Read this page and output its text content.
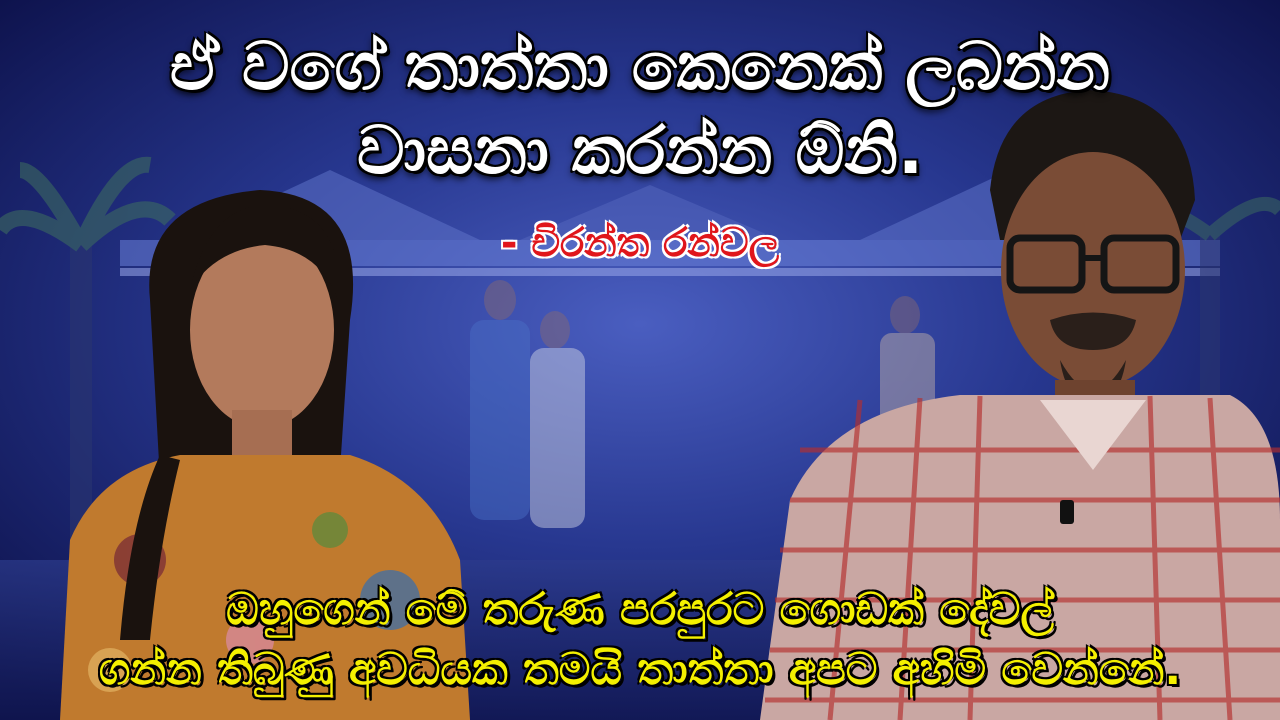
ඒ වගේ තාත්තා කෙනෙක් ලබන්න
වාසනා කරන්න ඕනි.
- චිරන්ත රන්වල
ඔහුගෙන් මේ තරුණ පරපුරට ගොඩක් දේවල්
ගන්න තිබුණු අවධියක තමයි තාත්තා අපට අහිමි වෙන්නේ.
